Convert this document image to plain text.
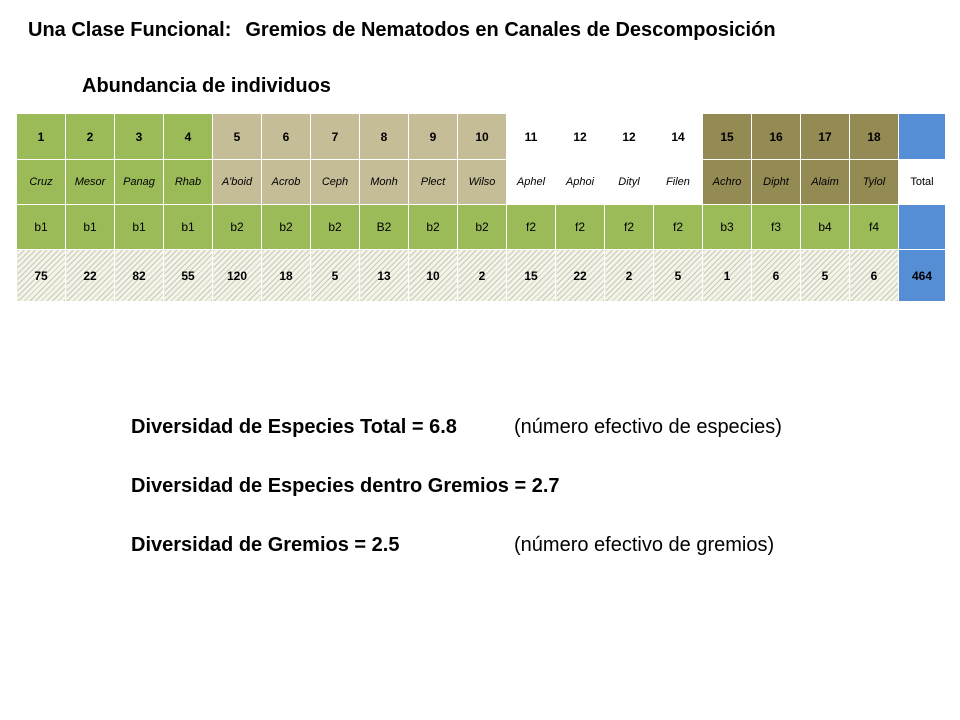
Una Clase Funcional: Gremios de Nematodos en Canales de Descomposición
Abundancia de individuos
1	2	3	4	5	6	7	8	9	10	11	12	12	14	15	16	17	18	
Cruz	Mesor	Panag	Rhab	A’boid	Acrob	Ceph	Monh	Plect	Wilso	Aphel	Aphoi	Dityl	Filen	Achro	Dipht	Alaim	Tylol	Total
b1	b1	b1	b1	b2	b2	b2	B2	b2	b2	f2	f2	f2	f2	b3	f3	b4	f4	
75	22	82	55	120	18	5	13	10	2	15	22	2	5	1	6	5	6	464
Diversidad de Especies Total = 6.8	(número efectivo de especies)
Diversidad de Especies dentro Gremios = 2.7
Diversidad de Gremios = 2.5	(número efectivo de gremios)
